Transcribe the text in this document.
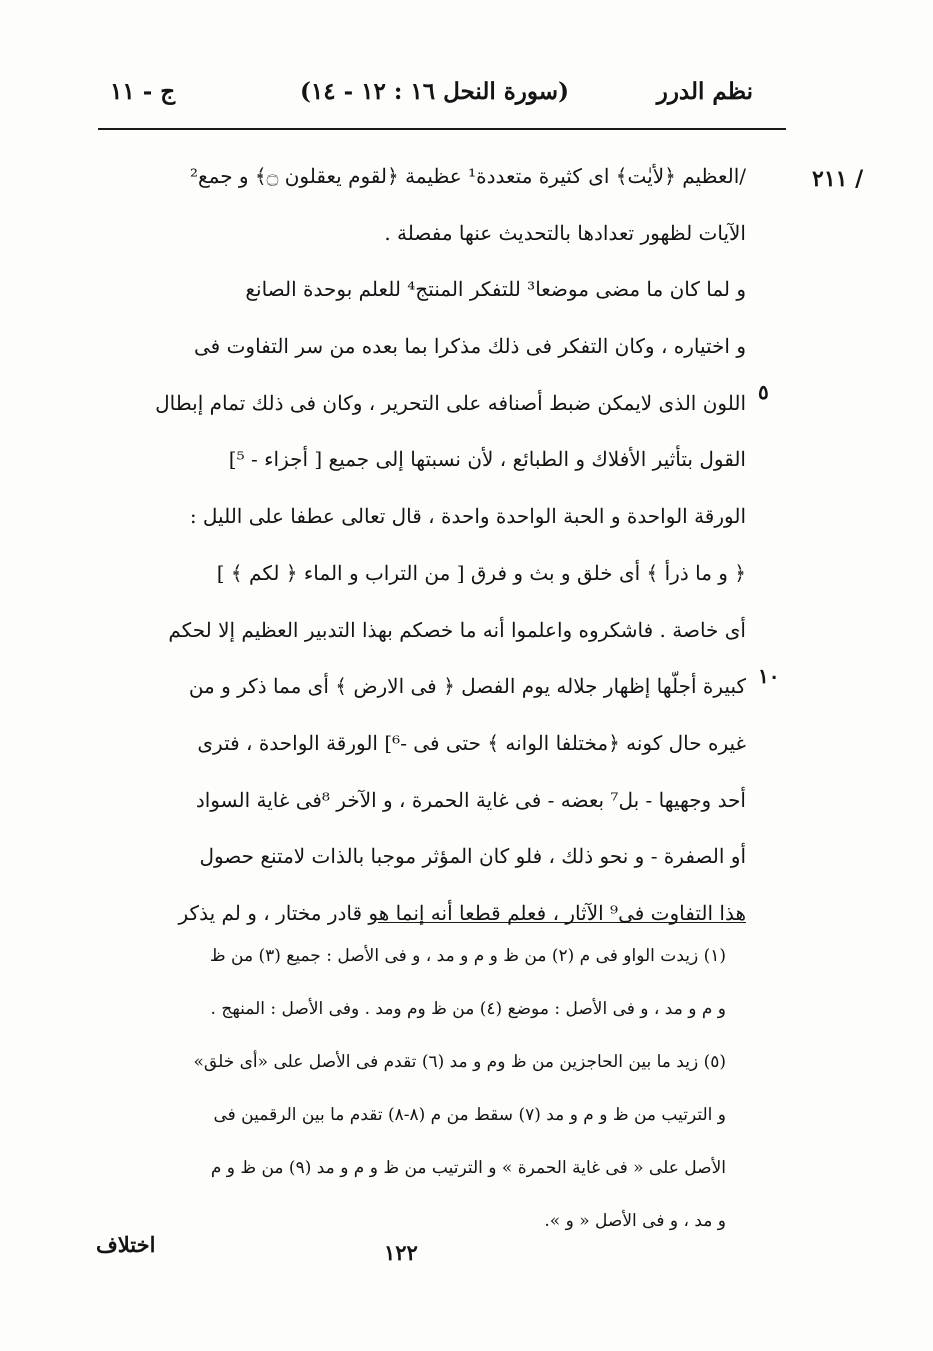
ج - ١١	(سورة النحل ١٦ : ١٢ - ١٤)	نظم الدرر
٢١١ /
٥
١٠
/العظيم ﴿لأيٰت﴾ اى كثيرة متعددة¹ عظيمة ﴿لقوم يعقلون ۝﴾ و جمع²
الآيات لظهور تعدادها بالتحديث عنها مفصلة .
و لما كان ما مضى موضعا³ للتفكر المنتج⁴ للعلم بوحدة الصانع
و اختياره ، وكان التفكر فى ذلك مذكرا بما بعده من سر التفاوت فى
اللون الذى لايمكن ضبط أصنافه على التحرير ، وكان فى ذلك تمام إبطال
القول بتأثير الأفلاك و الطبائع ، لأن نسبتها إلى جميع [ أجزاء - ⁵]
الورقة الواحدة و الحبة الواحدة واحدة ، قال تعالى عطفا على الليل :
﴿ و ما ذرأ ﴾ أى خلق و بث و فرق [ من التراب و الماء ﴿ لكم ﴾ ]
أى خاصة . فاشكروه واعلموا أنه ما خصكم بهذا التدبير العظيم إلا لحكم
كبيرة أجلّها إظهار جلاله يوم الفصل ﴿ فى الارض ﴾ أى مما ذكر و من
غيره حال كونه ﴿مختلفا الوانه ﴾ حتى فى -⁶] الورقة الواحدة ، فترى
أحد وجهيها - بل⁷ بعضه - فى غاية الحمرة ، و الآخر ⁸فى غاية السواد
أو الصفرة - و نحو ذلك ، فلو كان المؤثر موجبا بالذات لامتنع حصول
هذا التفاوت فى⁹ الآثار ، فعلم قطعا أنه إنما هو قادر مختار ، و لم يذكر
(١) زيدت الواو فى م (٢) من ظ و م و مد ، و فى الأصل : جميع (٣) من ظ
و م و مد ، و فى الأصل : موضع (٤) من ظ وم ومد . وفى الأصل : المنهج .
(٥) زيد ما بين الحاجزين من ظ وم و مد (٦) تقدم فى الأصل على «أى خلق»
و الترتيب من ظ و م و مد (٧) سقط من م (٨-٨) تقدم ما بين الرقمين فى
الأصل على « فى غاية الحمرة » و الترتيب من ظ و م و مد (٩) من ظ و م
و مد ، و فى الأصل « و ».
اختلاف	١٢٢
